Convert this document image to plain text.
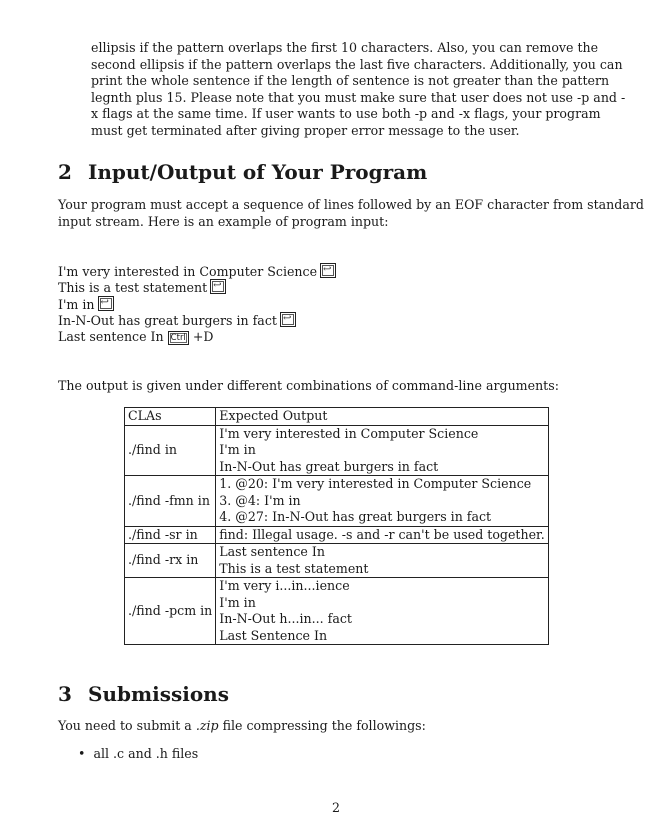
ellipsis if the pattern overlaps the first 10 characters. Also, you can remove the
second ellipsis if the pattern overlaps the last five characters. Additionally, you can
print the whole sentence if the length of sentence is not greater than the pattern
legnth plus 15. Please note that you must make sure that user does not use -p and -
x flags at the same time. If user wants to use both -p and -x flags, your program
must get terminated after giving proper error message to the user.
2 Input/Output of Your Program
Your program must accept a sequence of lines followed by an EOF character from standard
input stream. Here is an example of program input:
I'm very interested in Computer Science↩
This is a test statement↩
I'm in↩
In-N-Out has great burgers in fact↩
Last sentence In Ctrl +D
The output is given under different combinations of command-line arguments:
CLAs	Expected Output
./find in	I'm very interested in Computer Science
I'm in
In-N-Out has great burgers in fact

./find -fmn in	1. @20: I'm very interested in Computer Science
3. @4: I'm in
4. @27: In-N-Out has great burgers in fact

./find -sr in	find: Illegal usage. -s and -r can't be used together.

./find -rx in	Last sentence In
This is a test statement

./find -pcm in	I'm very i...in...ience
I'm in
In-N-Out h...in... fact
Last Sentence In
3 Submissions
You need to submit a .zip file compressing the followings:
• all .c and .h files
2
